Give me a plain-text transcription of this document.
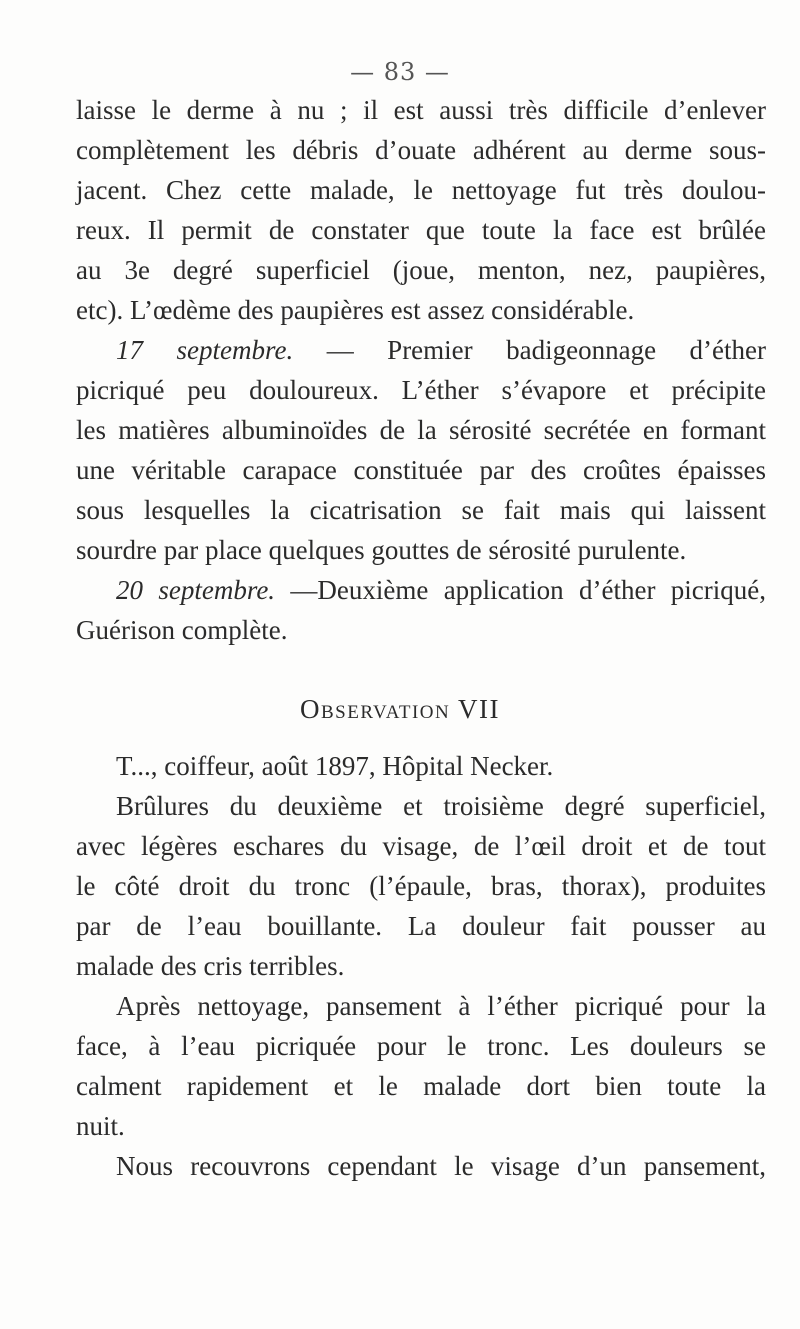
— 83 —
laisse le derme à nu ; il est aussi très difficile d’enlever
complètement les débris d’ouate adhérent au derme sous-
jacent. Chez cette malade, le nettoyage fut très doulou-
reux. Il permit de constater que toute la face est brûlée
au 3e degré superficiel (joue, menton, nez, paupières,
etc). L’œdème des paupières est assez considérable.
17 septembre. — Premier badigeonnage d’éther
picriqué peu douloureux. L’éther s’évapore et précipite
les matières albuminoïdes de la sérosité secrétée en formant
une véritable carapace constituée par des croûtes épaisses
sous lesquelles la cicatrisation se fait mais qui laissent
sourdre par place quelques gouttes de sérosité purulente.
20 septembre. —Deuxième application d’éther picriqué,
Guérison complète.
Observation VII
T..., coiffeur, août 1897, Hôpital Necker.
Brûlures du deuxième et troisième degré superficiel,
avec légères eschares du visage, de l’œil droit et de tout
le côté droit du tronc (l’épaule, bras, thorax), produites
par de l’eau bouillante. La douleur fait pousser au
malade des cris terribles.
Après nettoyage, pansement à l’éther picriqué pour la
face, à l’eau picriquée pour le tronc. Les douleurs se
calment rapidement et le malade dort bien toute la
nuit.
Nous recouvrons cependant le visage d’un pansement,
